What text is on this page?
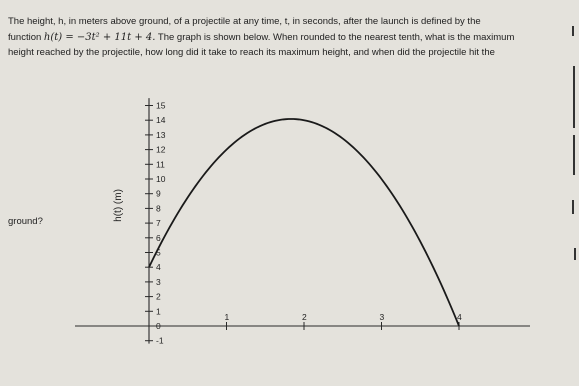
The height, h, in meters above ground, of a projectile at any time, t, in seconds, after the launch is defined by the
function h(t) = −3t² + 11t + 4. The graph is shown below. When rounded to the nearest tenth, what is the maximum
height reached by the projectile, how long did it take to reach its maximum height, and when did the projectile hit the
ground?
-1
0
1
2
3
4
5
6
7
8
9
10
11
12
13
14
15
1	2	3	4
h(t) (m)
